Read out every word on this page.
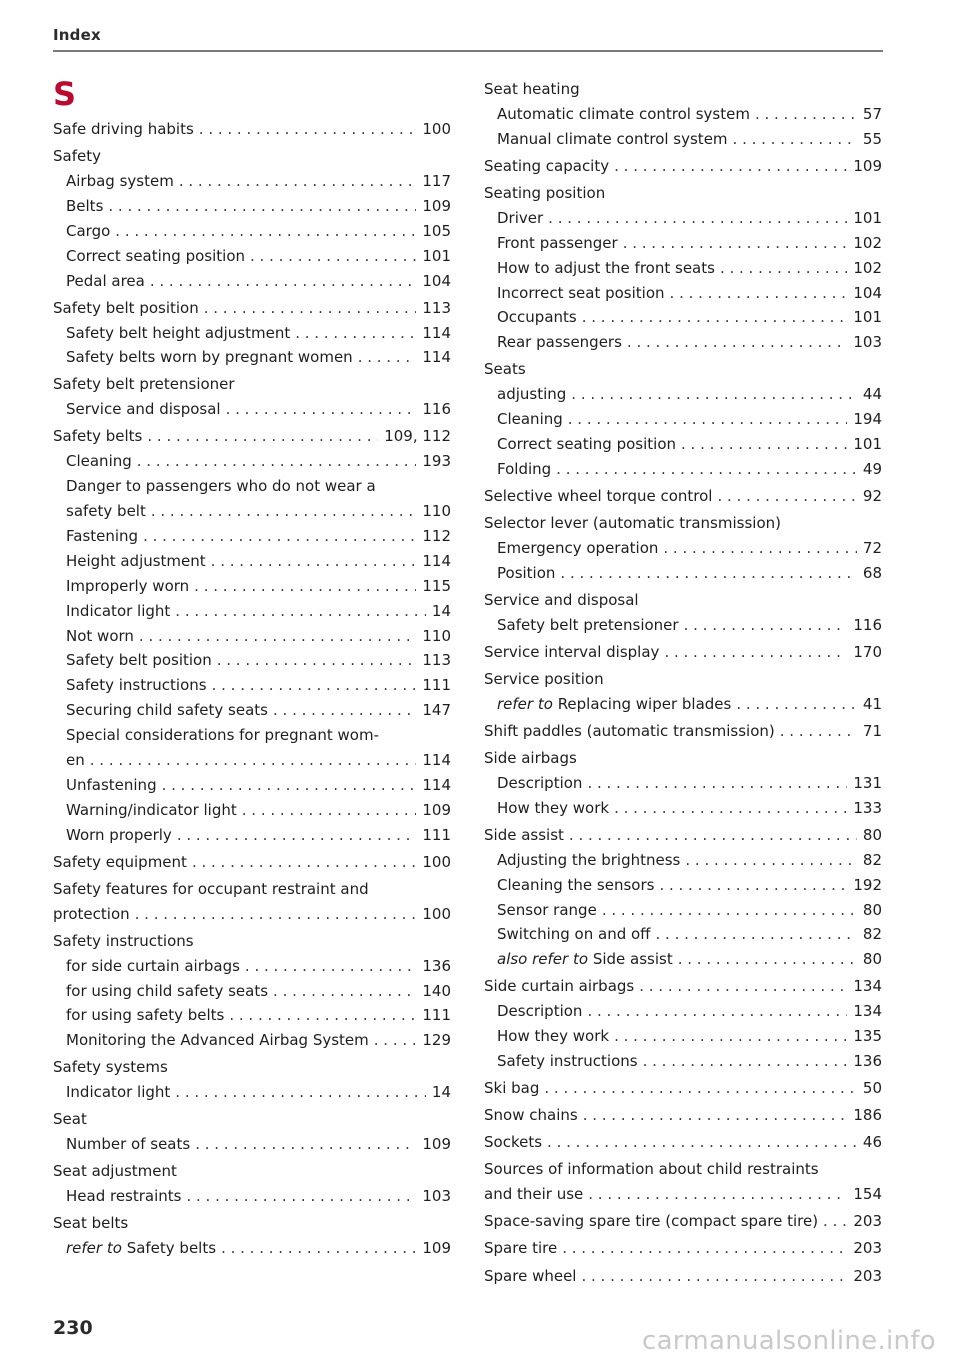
Index
S
Safe driving habits . . .	100
Safety
Airbag system . . .	117
Belts . . .	109
Cargo . . .	105
Correct seating position . . .	101
Pedal area . . .	104
Safety belt position . . .	113
Safety belt height adjustment . . .	114
Safety belts worn by pregnant women . . .	114
Safety belt pretensioner
Service and disposal . . .	116
Safety belts . . .	109, 112
Cleaning . . .	193
Danger to passengers who do not wear a
safety belt . . .	110
Fastening . . .	112
Height adjustment . . .	114
Improperly worn . . .	115
Indicator light . . .	14
Not worn . . .	110
Safety belt position . . .	113
Safety instructions . . .	111
Securing child safety seats . . .	147
Special considerations for pregnant wom-
en . . .	114
Unfastening . . .	114
Warning/indicator light . . .	109
Worn properly . . .	111
Safety equipment . . .	100
Safety features for occupant restraint and
protection . . .	100
Safety instructions
for side curtain airbags . . .	136
for using child safety seats . . .	140
for using safety belts . . .	111
Monitoring the Advanced Airbag System . . .	129
Safety systems
Indicator light . . .	14
Seat
Number of seats . . .	109
Seat adjustment
Head restraints . . .	103
Seat belts
refer to Safety belts . . .	109
Seat heating
Automatic climate control system . . .	57
Manual climate control system . . .	55
Seating capacity . . .	109
Seating position
Driver . . .	101
Front passenger . . .	102
How to adjust the front seats . . .	102
Incorrect seat position . . .	104
Occupants . . .	101
Rear passengers . . .	103
Seats
adjusting . . .	44
Cleaning . . .	194
Correct seating position . . .	101
Folding . . .	49
Selective wheel torque control . . .	92
Selector lever (automatic transmission)
Emergency operation . . .	72
Position . . .	68
Service and disposal
Safety belt pretensioner . . .	116
Service interval display . . .	170
Service position
refer to Replacing wiper blades . . .	41
Shift paddles (automatic transmission) . . .	71
Side airbags
Description . . .	131
How they work . . .	133
Side assist . . .	80
Adjusting the brightness . . .	82
Cleaning the sensors . . .	192
Sensor range . . .	80
Switching on and off . . .	82
also refer to Side assist . . .	80
Side curtain airbags . . .	134
Description . . .	134
How they work . . .	135
Safety instructions . . .	136
Ski bag . . .	50
Snow chains . . .	186
Sockets . . .	46
Sources of information about child restraints
and their use . . .	154
Space-saving spare tire (compact spare tire) . . . 203
Spare tire . . .	203
Spare wheel . . .	203
230	carmanualsonline.info
